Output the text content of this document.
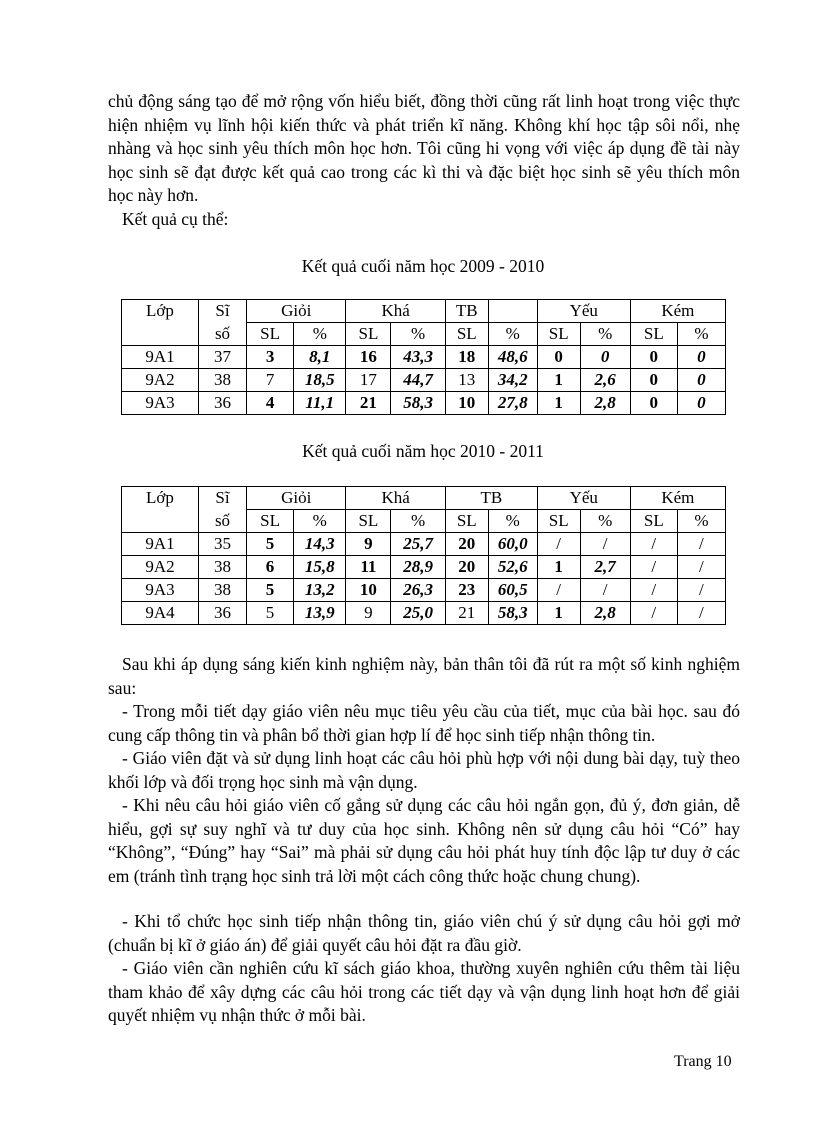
chủ động sáng tạo để mở rộng vốn hiểu biết, đồng thời cũng rất linh hoạt trong việc thực hiện nhiệm vụ lĩnh hội kiến thức và phát triển kĩ năng. Không khí học tập sôi nổi, nhẹ nhàng và học sinh yêu thích môn học hơn. Tôi cũng hi vọng với việc áp dụng đề tài này học sinh sẽ đạt được kết quả cao trong các kì thi và đặc biệt học sinh sẽ yêu thích môn học này hơn.

Kết quả cụ thể:

Kết quả cuối năm học 2009 - 2010

Lớp	Sĩ	Giỏi		Khá		TB		Yếu		Kém	
	số	SL	%	SL	%	SL	%	SL	%	SL	%
9A1	37	3	8,1	16	43,3	18	48,6	0	0	0	0
9A2	38	7	18,5	17	44,7	13	34,2	1	2,6	0	0
9A3	36	4	11,1	21	58,3	10	27,8	1	2,8	0	0

Kết quả cuối năm học 2010 - 2011

Lớp	Sĩ	Giỏi		Khá		TB		Yếu		Kém	
	số	SL	%	SL	%	SL	%	SL	%	SL	%
9A1	35	5	14,3	9	25,7	20	60,0	/	/	/	/
9A2	38	6	15,8	11	28,9	20	52,6	1	2,7	/	/
9A3	38	5	13,2	10	26,3	23	60,5	/	/	/	/
9A4	36	5	13,9	9	25,0	21	58,3	1	2,8	/	/

Sau khi áp dụng sáng kiến kinh nghiệm này, bản thân tôi đã rút ra một số kinh nghiệm sau:

- Trong mỗi tiết dạy giáo viên nêu mục tiêu yêu cầu của tiết, mục của bài học. sau đó cung cấp thông tin và phân bổ thời gian hợp lí để học sinh tiếp nhận thông tin.

- Giáo viên đặt và sử dụng linh hoạt các câu hỏi phù hợp với nội dung bài dạy, tuỳ theo khối lớp và đối trọng học sinh mà vận dụng.

- Khi nêu câu hỏi giáo viên cố gắng sử dụng các câu hỏi ngắn gọn, đủ ý, đơn giản, dễ hiểu, gợi sự suy nghĩ và tư duy của học sinh. Không nên sử dụng câu hỏi “Có” hay “Không”, “Đúng” hay “Sai” mà phải sử dụng câu hỏi phát huy tính độc lập tư duy ở các em (tránh tình trạng học sinh trả lời một cách công thức hoặc chung chung).

- Khi tổ chức học sinh tiếp nhận thông tin, giáo viên chú ý sử dụng câu hỏi gợi mở (chuẩn bị kĩ ở giáo án) để giải quyết câu hỏi đặt ra đầu giờ.

- Giáo viên cần nghiên cứu kĩ sách giáo khoa, thường xuyên nghiên cứu thêm tài liệu tham khảo để xây dựng các câu hỏi trong các tiết dạy và vận dụng linh hoạt hơn để giải quyết nhiệm vụ nhận thức ở mỗi bài.

Trang 10
